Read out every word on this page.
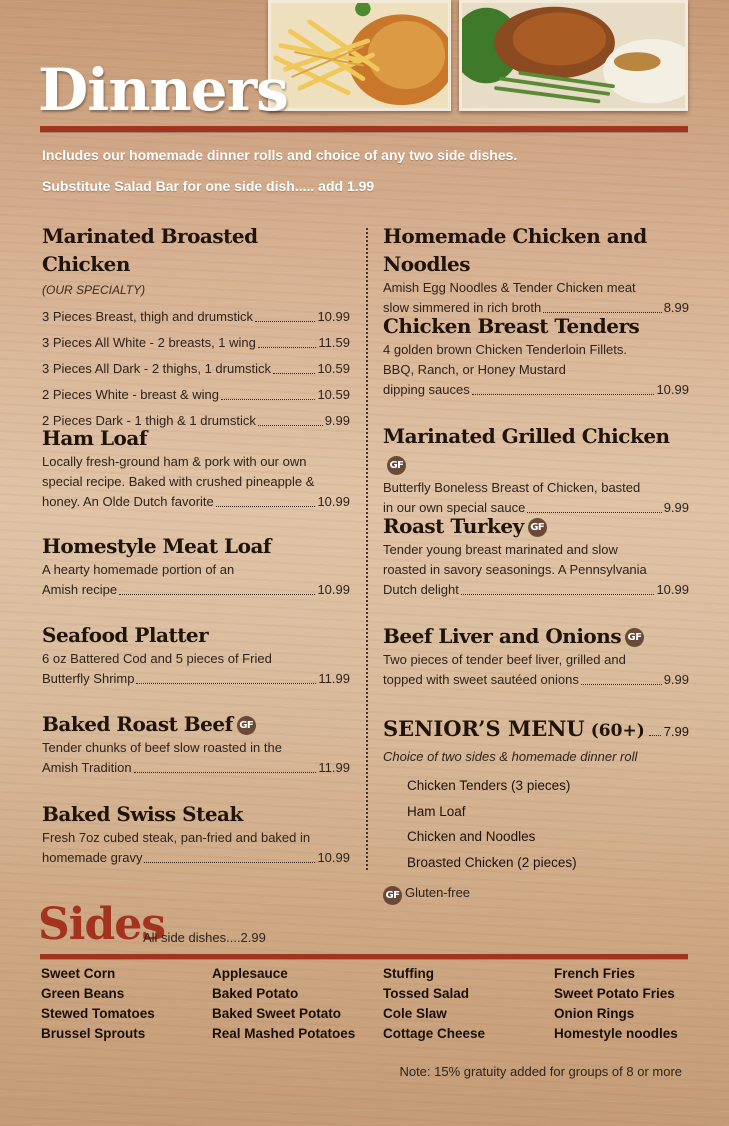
Dinners
Includes our homemade dinner rolls and choice of any two side dishes.
Substitute Salad Bar for one side dish..... add 1.99
Marinated Broasted Chicken
(OUR SPECIALTY)
3 Pieces Breast, thigh and drumstick	10.99
3 Pieces All White - 2 breasts, 1 wing	11.59
3 Pieces All Dark - 2 thighs, 1 drumstick	10.59
2 Pieces White - breast & wing	10.59
2 Pieces Dark - 1 thigh & 1 drumstick	9.99
Ham Loaf
Locally fresh-ground ham & pork with our own
special recipe. Baked with crushed pineapple &
honey. An Olde Dutch favorite	10.99
Homestyle Meat Loaf
A hearty homemade portion of an
Amish recipe	10.99
Seafood Platter
6 oz Battered Cod and 5 pieces of Fried
Butterfly Shrimp	11.99
Baked Roast Beef GF
Tender chunks of beef slow roasted in the
Amish Tradition	11.99
Baked Swiss Steak
Fresh 7oz cubed steak, pan-fried and baked in
homemade gravy	10.99
Homemade Chicken and Noodles
Amish Egg Noodles & Tender Chicken meat
slow simmered in rich broth	8.99
Chicken Breast Tenders
4 golden brown Chicken Tenderloin Fillets.
BBQ, Ranch, or Honey Mustard
dipping sauces	10.99
Marinated Grilled ChickenGF
Butterfly Boneless Breast of Chicken, basted
in our own special sauce	9.99
Roast Turkey GF
Tender young breast marinated and slow
roasted in savory seasonings. A Pennsylvania
Dutch delight	10.99
Beef Liver and Onions GF
Two pieces of tender beef liver, grilled and
topped with sweet sautéed onions	9.99
SENIOR’S MENU (60+) 7.99
Choice of two sides & homemade dinner roll
Chicken Tenders (3 pieces)
Ham Loaf
Chicken and Noodles
Broasted Chicken (2 pieces)
GF Gluten-free
Sides
All side dishes....2.99
Sweet Corn
Green Beans
Stewed Tomatoes
Brussel Sprouts
Applesauce
Baked Potato
Baked Sweet Potato
Real Mashed Potatoes
Stuffing
Tossed Salad
Cole Slaw
Cottage Cheese
French Fries
Sweet Potato Fries
Onion Rings
Homestyle noodles
Note: 15% gratuity added for groups of 8 or more
